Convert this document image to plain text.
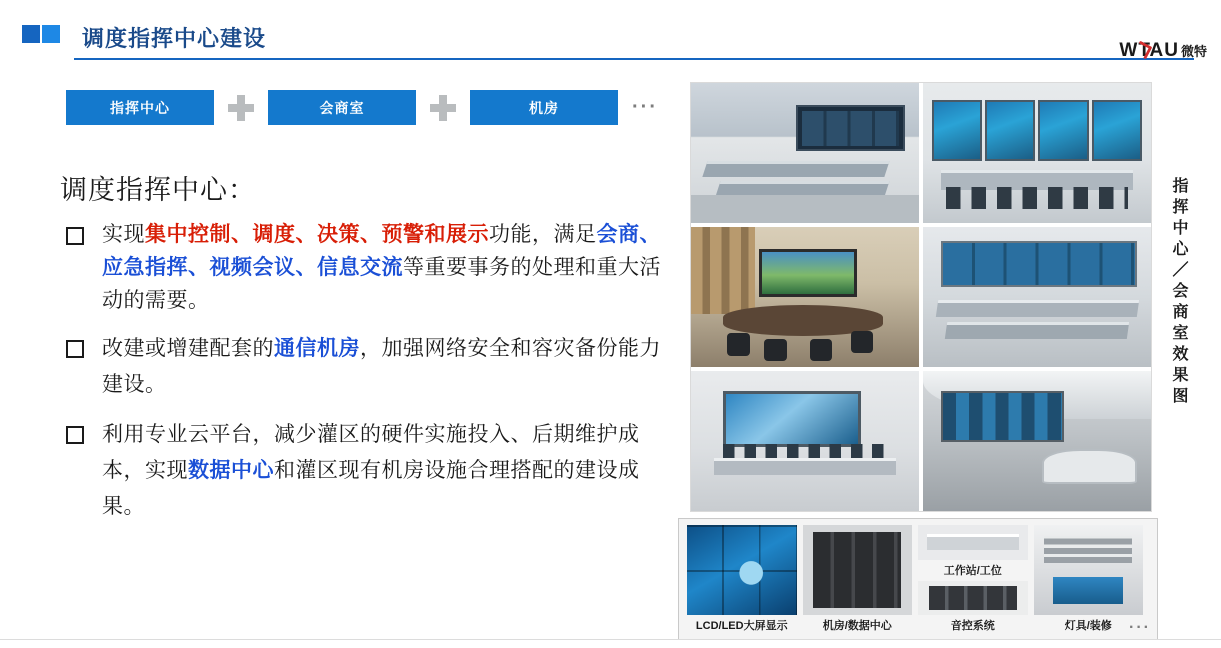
调度指挥中心建设	WTAU 微特
指挥中心	会商室	机房	···
调度指挥中心：
实现集中控制、调度、决策、预警和展示功能，满足会商、应急指挥、视频会议、信息交流等重要事务的处理和重大活动的需要。
改建或增建配套的通信机房，加强网络安全和容灾备份能力建设。
利用专业云平台，减少灌区的硬件实施投入、后期维护成本，实现数据中心和灌区现有机房设施合理搭配的建设成果。
LCD/LED大屏显示	机房/数据中心
工作站/工位
音控系统	灯具/装修 ···
指挥中心／会商室效果图
